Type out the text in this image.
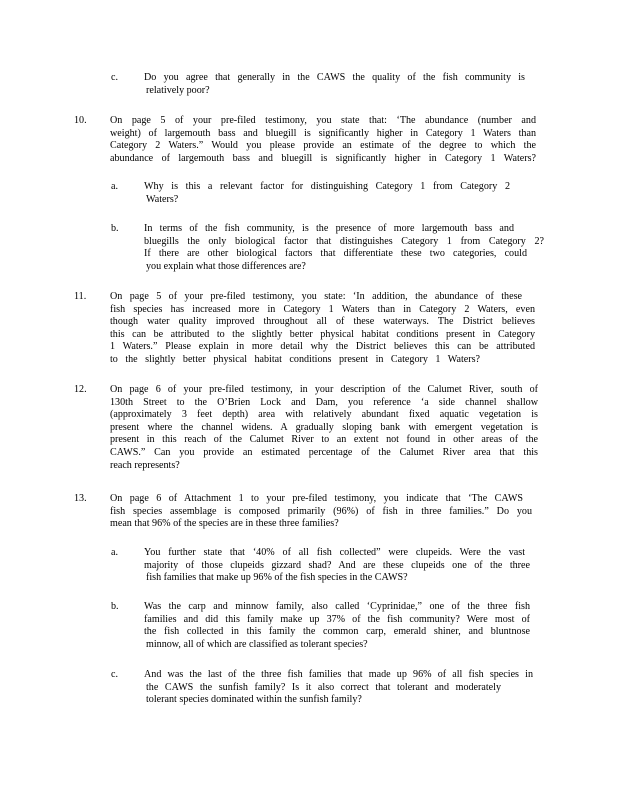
c.	Do you agree that generally in the CAWS the quality of the fish community is

relatively poor?

10. On page 5 of your pre-filed testimony, you state that: ‘The abundance (number and

weight) of largemouth bass and bluegill is significantly higher in Category 1 Waters than

Category 2 Waters.” Would you please provide an estimate of the degree to which the

abundance of largemouth bass and bluegill is significantly higher in Category 1 Waters?

a.	Why is this a relevant factor for distinguishing Category 1 from Category 2

Waters?

b.	In terms of the fish community, is the presence of more largemouth bass and

bluegills the only biological factor that distinguishes Category 1 from Category 2?

If there are other biological factors that differentiate these two categories, could

you explain what those differences are?

11. On page 5 of your pre-filed testimony, you state: ‘In addition, the abundance of these

fish species has increased more in Category 1 Waters than in Category 2 Waters, even

though water quality improved throughout all of these waterways. The District believes

this can be attributed to the slightly better physical habitat conditions present in Category

1 Waters.” Please explain in more detail why the District believes this can be attributed

to the slightly better physical habitat conditions present in Category 1 Waters?

12. On page 6 of your pre-filed testimony, in your description of the Calumet River, south of

130th Street to the O’Brien Lock and Dam, you reference ‘a side channel shallow

(approximately 3 feet depth) area with relatively abundant fixed aquatic vegetation is

present where the channel widens. A gradually sloping bank with emergent vegetation is

present in this reach of the Calumet River to an extent not found in other areas of the

CAWS.” Can you provide an estimated percentage of the Calumet River area that this

reach represents?

13. On page 6 of Attachment 1 to your pre-filed testimony, you indicate that ‘The CAWS

fish species assemblage is composed primarily (96%) of fish in three families.” Do you

mean that 96% of the species are in these three families?

a.	You further state that ‘40% of all fish collected” were clupeids. Were the vast

majority of those clupeids gizzard shad? And are these clupeids one of the three

fish families that make up 96% of the fish species in the CAWS?

b.	Was the carp and minnow family, also called ‘Cyprinidae,” one of the three fish

families and did this family make up 37% of the fish community? Were most of

the fish collected in this family the common carp, emerald shiner, and bluntnose

minnow, all of which are classified as tolerant species?

c.	And was the last of the three fish families that made up 96% of all fish species in

the CAWS the sunfish family? Is it also correct that tolerant and moderately

tolerant species dominated within the sunfish family?
